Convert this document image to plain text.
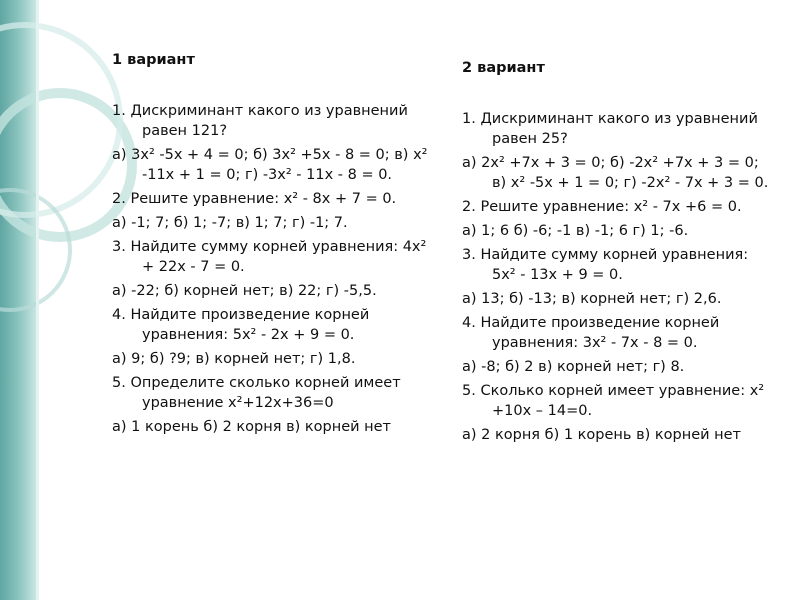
1 вариант
1. Дискриминант какого из уравнений равен 121?
а) 3x² -5x + 4 = 0; б) 3x² +5x - 8 = 0; в) x² -11x + 1 = 0; г) -3x² - 11x - 8 = 0.
2. Решите уравнение: x² - 8x + 7 = 0.
а) -1; 7; б) 1; -7; в) 1; 7; г) -1; 7.
3. Найдите сумму корней уравнения: 4x² + 22x - 7 = 0.
а) -22; б) корней нет; в) 22; г) -5,5.
4. Найдите произведение корней уравнения: 5x² - 2x + 9 = 0.
а) 9; б) ?9; в) корней нет; г) 1,8.
5. Определите сколько корней имеет уравнение x²+12x+36=0
а) 1 корень б) 2 корня в) корней нет
2 вариант
1. Дискриминант какого из уравнений равен 25?
а) 2x² +7x + 3 = 0; б) -2x² +7x + 3 = 0; в) x² -5x + 1 = 0; г) -2x² - 7x + 3 = 0.
2. Решите уравнение: x² - 7x +6 = 0.
а) 1; 6 б) -6; -1 в) -1; 6 г) 1; -6.
3. Найдите сумму корней уравнения: 5x² - 13x + 9 = 0.
а) 13; б) -13; в) корней нет; г) 2,6.
4. Найдите произведение корней уравнения: 3x² - 7x - 8 = 0.
а) -8; б) 2 в) корней нет; г) 8.
5. Сколько корней имеет уравнение: x² +10x – 14=0.
а) 2 корня б) 1 корень в) корней нет
